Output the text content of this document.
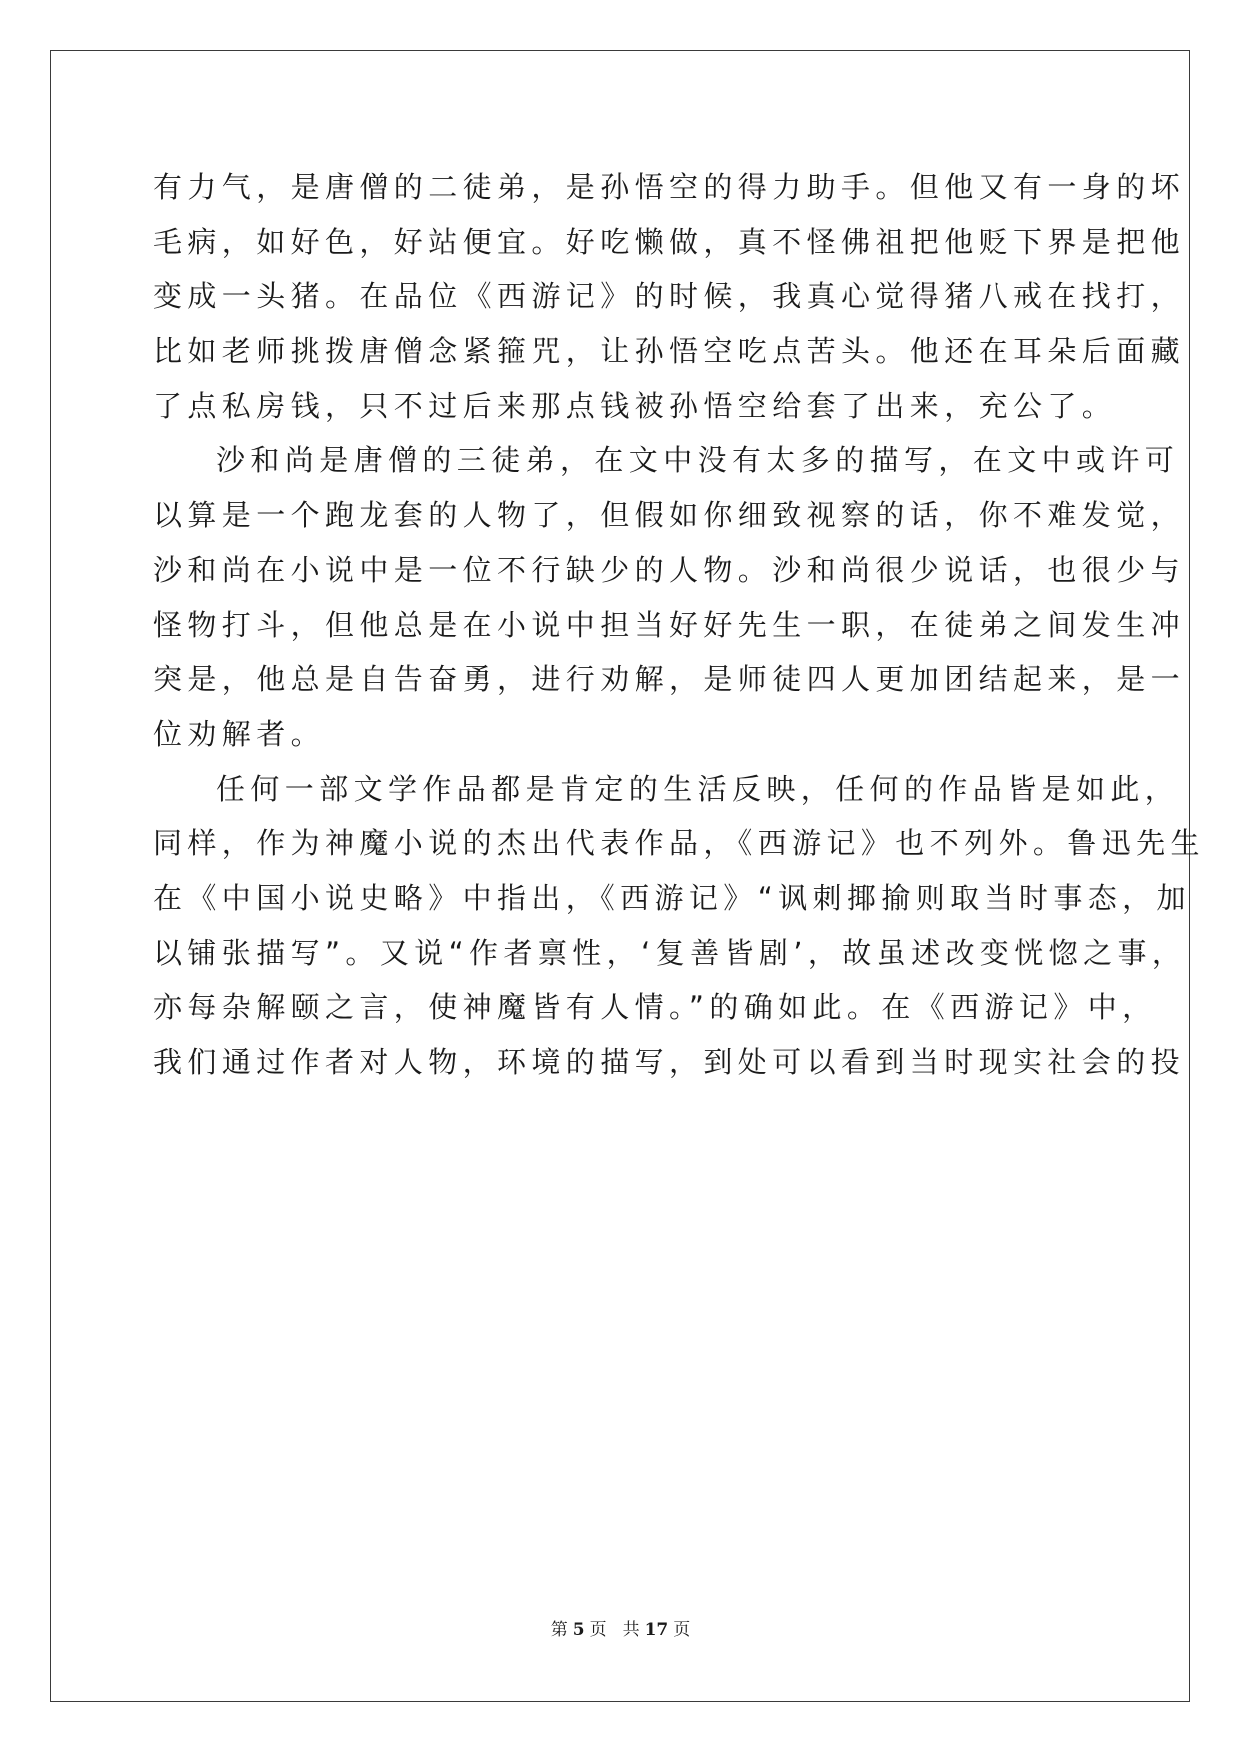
有力气，是唐僧的二徒弟，是孙悟空的得力助手。但他又有一身的坏
毛病，如好色，好站便宜。好吃懒做，真不怪佛祖把他贬下界是把他
变成一头猪。在品位《西游记》的时候，我真心觉得猪八戒在找打，
比如老师挑拨唐僧念紧箍咒，让孙悟空吃点苦头。他还在耳朵后面藏
了点私房钱，只不过后来那点钱被孙悟空给套了出来，充公了。
沙和尚是唐僧的三徒弟，在文中没有太多的描写，在文中或许可
以算是一个跑龙套的人物了，但假如你细致视察的话，你不难发觉，
沙和尚在小说中是一位不行缺少的人物。沙和尚很少说话，也很少与
怪物打斗，但他总是在小说中担当好好先生一职，在徒弟之间发生冲
突是，他总是自告奋勇，进行劝解，是师徒四人更加团结起来，是一
位劝解者。
任何一部文学作品都是肯定的生活反映，任何的作品皆是如此，
同样，作为神魔小说的杰出代表作品，《西游记》也不列外。鲁迅先生
在《中国小说史略》中指出，《西游记》“讽刺揶揄则取当时事态，加
以铺张描写”。又说“作者禀性，‘复善皆剧’，故虽述改变恍惚之事，
亦每杂解颐之言，使神魔皆有人情。”的确如此。在《西游记》中，
我们通过作者对人物，环境的描写，到处可以看到当时现实社会的投
第 5 页 共 17 页
